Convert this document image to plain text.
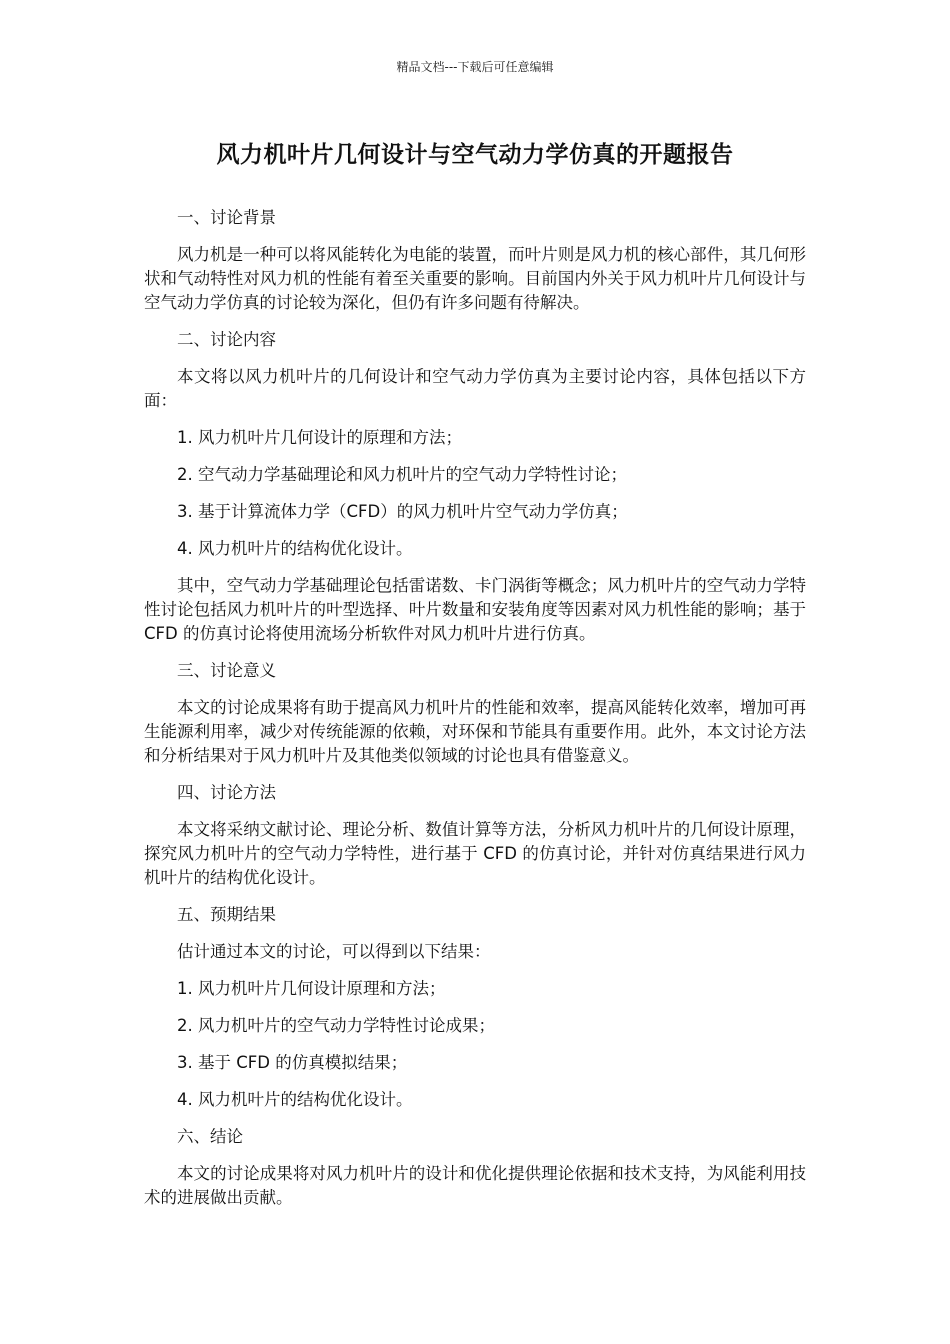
精品文档---下载后可任意编辑
风力机叶片几何设计与空气动力学仿真的开题报告

一、讨论背景

风力机是一种可以将风能转化为电能的装置，而叶片则是风力机的核心部件，其几何形状和气动特性对风力机的性能有着至关重要的影响。目前国内外关于风力机叶片几何设计与空气动力学仿真的讨论较为深化，但仍有许多问题有待解决。

二、讨论内容

本文将以风力机叶片的几何设计和空气动力学仿真为主要讨论内容，具体包括以下方面：

1. 风力机叶片几何设计的原理和方法；

2. 空气动力学基础理论和风力机叶片的空气动力学特性讨论；

3. 基于计算流体力学（CFD）的风力机叶片空气动力学仿真；

4. 风力机叶片的结构优化设计。

其中，空气动力学基础理论包括雷诺数、卡门涡街等概念；风力机叶片的空气动力学特性讨论包括风力机叶片的叶型选择、叶片数量和安装角度等因素对风力机性能的影响；基于 CFD 的仿真讨论将使用流场分析软件对风力机叶片进行仿真。

三、讨论意义

本文的讨论成果将有助于提高风力机叶片的性能和效率，提高风能转化效率，增加可再生能源利用率，减少对传统能源的依赖，对环保和节能具有重要作用。此外，本文讨论方法和分析结果对于风力机叶片及其他类似领域的讨论也具有借鉴意义。

四、讨论方法

本文将采纳文献讨论、理论分析、数值计算等方法，分析风力机叶片的几何设计原理，探究风力机叶片的空气动力学特性，进行基于 CFD 的仿真讨论，并针对仿真结果进行风力机叶片的结构优化设计。

五、预期结果

估计通过本文的讨论，可以得到以下结果：

1. 风力机叶片几何设计原理和方法；

2. 风力机叶片的空气动力学特性讨论成果；

3. 基于 CFD 的仿真模拟结果；

4. 风力机叶片的结构优化设计。

六、结论

本文的讨论成果将对风力机叶片的设计和优化提供理论依据和技术支持，为风能利用技术的进展做出贡献。
